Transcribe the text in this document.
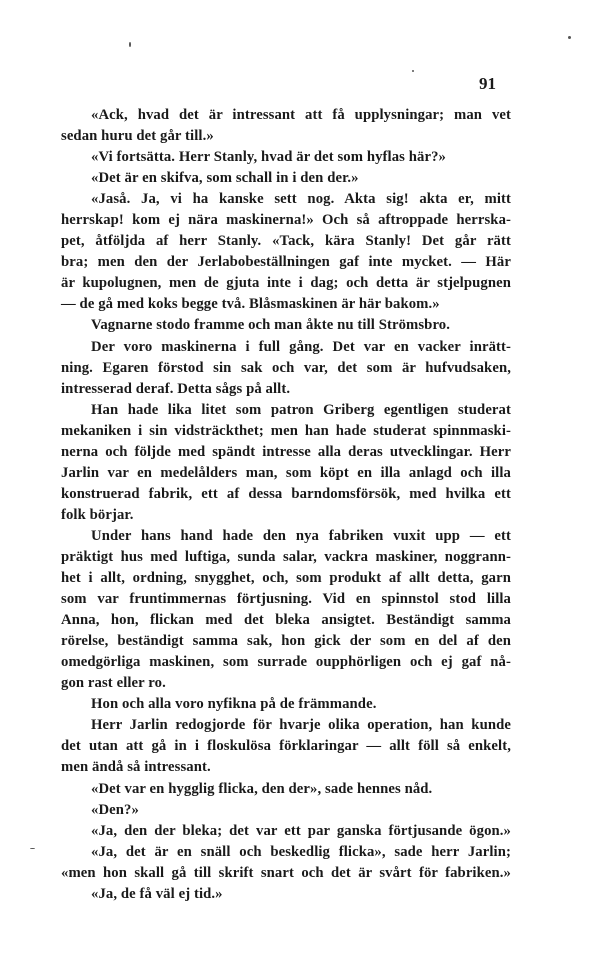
91
«Ack, hvad det är intressant att få upplysningar; man vet
sedan huru det går till.»
«Vi fortsätta. Herr Stanly, hvad är det som hyflas här?»
«Det är en skifva, som schall in i den der.»
«Jaså. Ja, vi ha kanske sett nog. Akta sig! akta er, mitt
herrskap! kom ej nära maskinerna!» Och så aftroppade herrska-
pet, åtföljda af herr Stanly. «Tack, kära Stanly! Det går rätt
bra; men den der Jerlabobeställningen gaf inte mycket. — Här
är kupolugnen, men de gjuta inte i dag; och detta är stjelpugnen
— de gå med koks begge två. Blåsmaskinen är här bakom.»
Vagnarne stodo framme och man åkte nu till Strömsbro.
Der voro maskinerna i full gång. Det var en vacker inrätt-
ning. Egaren förstod sin sak och var, det som är hufvudsaken,
intresserad deraf. Detta sågs på allt.
Han hade lika litet som patron Griberg egentligen studerat
mekaniken i sin vidsträckthet; men han hade studerat spinnmaski-
nerna och följde med spändt intresse alla deras utvecklingar. Herr
Jarlin var en medelålders man, som köpt en illa anlagd och illa
konstruerad fabrik, ett af dessa barndomsförsök, med hvilka ett
folk börjar.
Under hans hand hade den nya fabriken vuxit upp — ett
präktigt hus med luftiga, sunda salar, vackra maskiner, noggrann-
het i allt, ordning, snygghet, och, som produkt af allt detta, garn
som var fruntimmernas förtjusning. Vid en spinnstol stod lilla
Anna, hon, flickan med det bleka ansigtet. Beständigt samma
rörelse, beständigt samma sak, hon gick der som en del af den
omedgörliga maskinen, som surrade oupphörligen och ej gaf nå-
gon rast eller ro.
Hon och alla voro nyfikna på de främmande.
Herr Jarlin redogjorde för hvarje olika operation, han kunde
det utan att gå in i floskulösa förklaringar — allt föll så enkelt,
men ändå så intressant.
«Det var en hygglig flicka, den der», sade hennes nåd.
«Den?»
«Ja, den der bleka; det var ett par ganska förtjusande ögon.»
«Ja, det är en snäll och beskedlig flicka», sade herr Jarlin;
«men hon skall gå till skrift snart och det är svårt för fabriken.»
«Ja, de få väl ej tid.»
